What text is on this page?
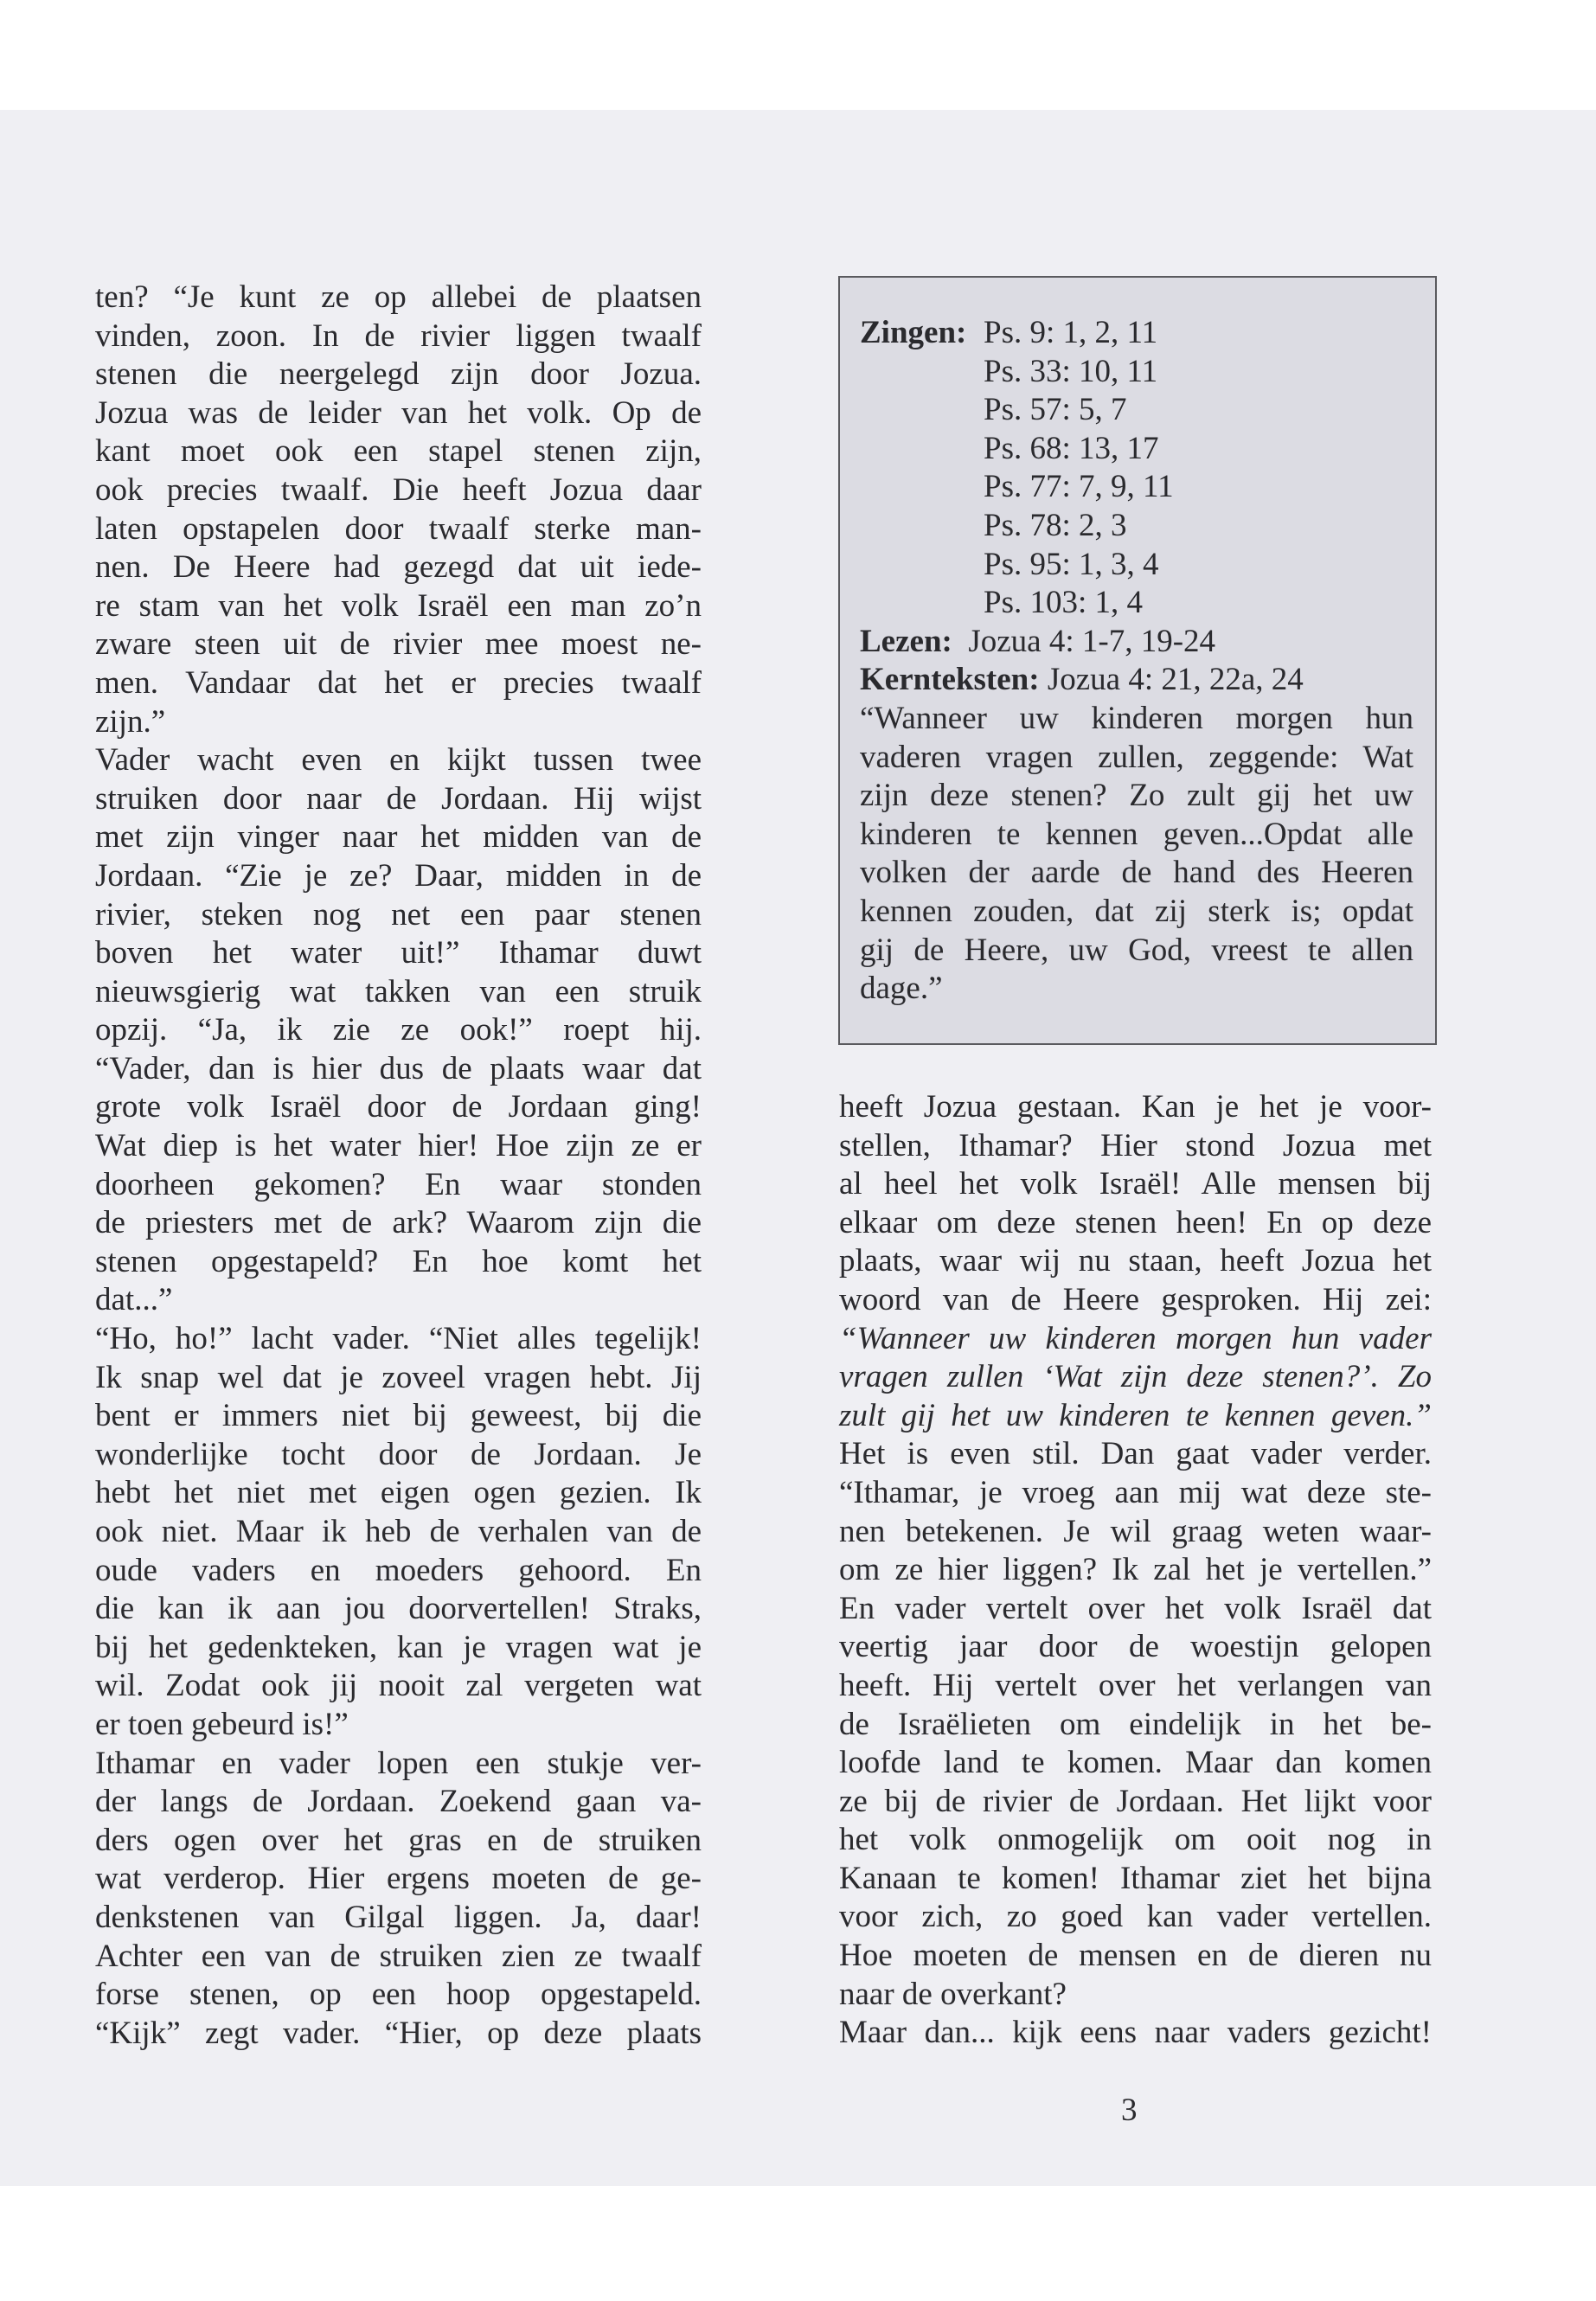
ten? “Je kunt ze op allebei de plaatsen
vinden, zoon. In de rivier liggen twaalf
stenen die neergelegd zijn door Jozua.
Jozua was de leider van het volk. Op de
kant moet ook een stapel stenen zijn,
ook precies twaalf. Die heeft Jozua daar
laten opstapelen door twaalf sterke man-
nen. De Heere had gezegd dat uit iede-
re stam van het volk Israël een man zo’n
zware steen uit de rivier mee moest ne-
men. Vandaar dat het er precies twaalf
zijn.”
Vader wacht even en kijkt tussen twee
struiken door naar de Jordaan. Hij wijst
met zijn vinger naar het midden van de
Jordaan. “Zie je ze? Daar, midden in de
rivier, steken nog net een paar stenen
boven het water uit!” Ithamar duwt
nieuwsgierig wat takken van een struik
opzij. “Ja, ik zie ze ook!” roept hij.
“Vader, dan is hier dus de plaats waar dat
grote volk Israël door de Jordaan ging!
Wat diep is het water hier! Hoe zijn ze er
doorheen gekomen? En waar stonden
de priesters met de ark? Waarom zijn die
stenen opgestapeld? En hoe komt het
dat...”
“Ho, ho!” lacht vader. “Niet alles tegelijk!
Ik snap wel dat je zoveel vragen hebt. Jij
bent er immers niet bij geweest, bij die
wonderlijke tocht door de Jordaan. Je
hebt het niet met eigen ogen gezien. Ik
ook niet. Maar ik heb de verhalen van de
oude vaders en moeders gehoord. En
die kan ik aan jou doorvertellen! Straks,
bij het gedenkteken, kan je vragen wat je
wil. Zodat ook jij nooit zal vergeten wat
er toen gebeurd is!”
Ithamar en vader lopen een stukje ver-
der langs de Jordaan. Zoekend gaan va-
ders ogen over het gras en de struiken
wat verderop. Hier ergens moeten de ge-
denkstenen van Gilgal liggen. Ja, daar!
Achter een van de struiken zien ze twaalf
forse stenen, op een hoop opgestapeld.
“Kijk” zegt vader. “Hier, op deze plaats
Zingen: Ps. 9: 1, 2, 11
Ps. 33: 10, 11
Ps. 57: 5, 7
Ps. 68: 13, 17
Ps. 77: 7, 9, 11
Ps. 78: 2, 3
Ps. 95: 1, 3, 4
Ps. 103: 1, 4
Lezen:
Jozua 4: 1-7, 19-24
Kernteksten:
Jozua 4: 21, 22a, 24
“Wanneer uw kinderen morgen hun
vaderen vragen zullen, zeggende: Wat
zijn deze stenen? Zo zult gij het uw
kinderen te kennen geven...Opdat alle
volken der aarde de hand des Heeren
kennen zouden, dat zij sterk is; opdat
gij de Heere, uw God, vreest te allen
dage.”
heeft Jozua gestaan. Kan je het je voor-
stellen, Ithamar? Hier stond Jozua met
al heel het volk Israël! Alle mensen bij
elkaar om deze stenen heen! En op deze
plaats, waar wij nu staan, heeft Jozua het
woord van de Heere gesproken. Hij zei:
“Wanneer uw kinderen morgen hun vader
vragen zullen ‘Wat zijn deze stenen?’. Zo
zult gij het uw kinderen te kennen geven.”
Het is even stil. Dan gaat vader verder.
“Ithamar, je vroeg aan mij wat deze ste-
nen betekenen. Je wil graag weten waar-
om ze hier liggen? Ik zal het je vertellen.”
En vader vertelt over het volk Israël dat
veertig jaar door de woestijn gelopen
heeft. Hij vertelt over het verlangen van
de Israëlieten om eindelijk in het be-
loofde land te komen. Maar dan komen
ze bij de rivier de Jordaan. Het lijkt voor
het volk onmogelijk om ooit nog in
Kanaan te komen! Ithamar ziet het bijna
voor zich, zo goed kan vader vertellen.
Hoe moeten de mensen en de dieren nu
naar de overkant?
Maar dan... kijk eens naar vaders gezicht!
3
